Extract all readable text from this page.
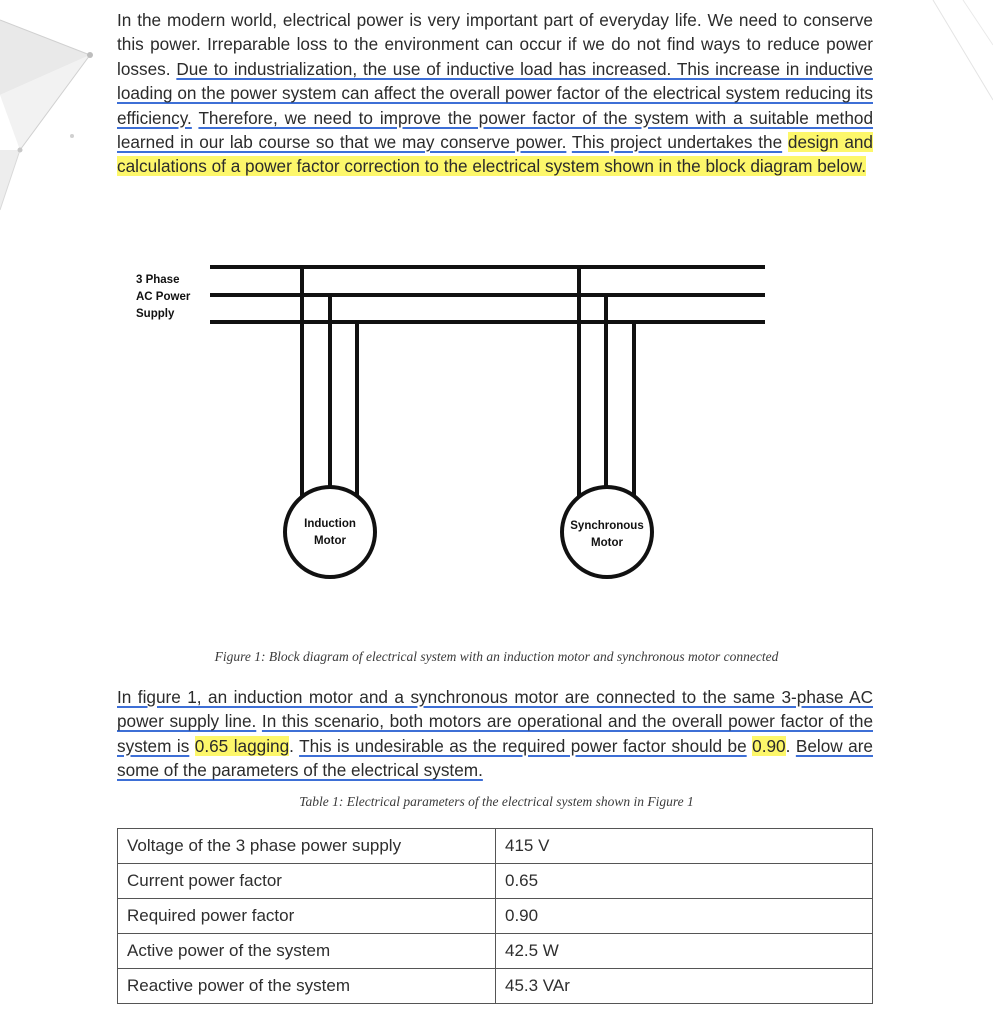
In the modern world, electrical power is very important part of everyday life. We need to conserve this power. Irreparable loss to the environment can occur if we do not find ways to reduce power losses. Due to industrialization, the use of inductive load has increased. This increase in inductive loading on the power system can affect the overall power factor of the electrical system reducing its efficiency. Therefore, we need to improve the power factor of the system with a suitable method learned in our lab course so that we may conserve power. This project undertakes the design and calculations of a power factor correction to the electrical system shown in the block diagram below.

3 Phase
AC Power
Supply
Induction
Motor
Synchronous
Motor

Figure 1: Block diagram of electrical system with an induction motor and synchronous motor connected

In figure 1, an induction motor and a synchronous motor are connected to the same 3-phase AC power supply line. In this scenario, both motors are operational and the overall power factor of the system is 0.65 lagging. This is undesirable as the required power factor should be 0.90. Below are some of the parameters of the electrical system.

Table 1: Electrical parameters of the electrical system shown in Figure 1

Voltage of the 3 phase power supply	415 V
Current power factor	0.65
Required power factor	0.90
Active power of the system	42.5 W
Reactive power of the system	45.3 VAr
